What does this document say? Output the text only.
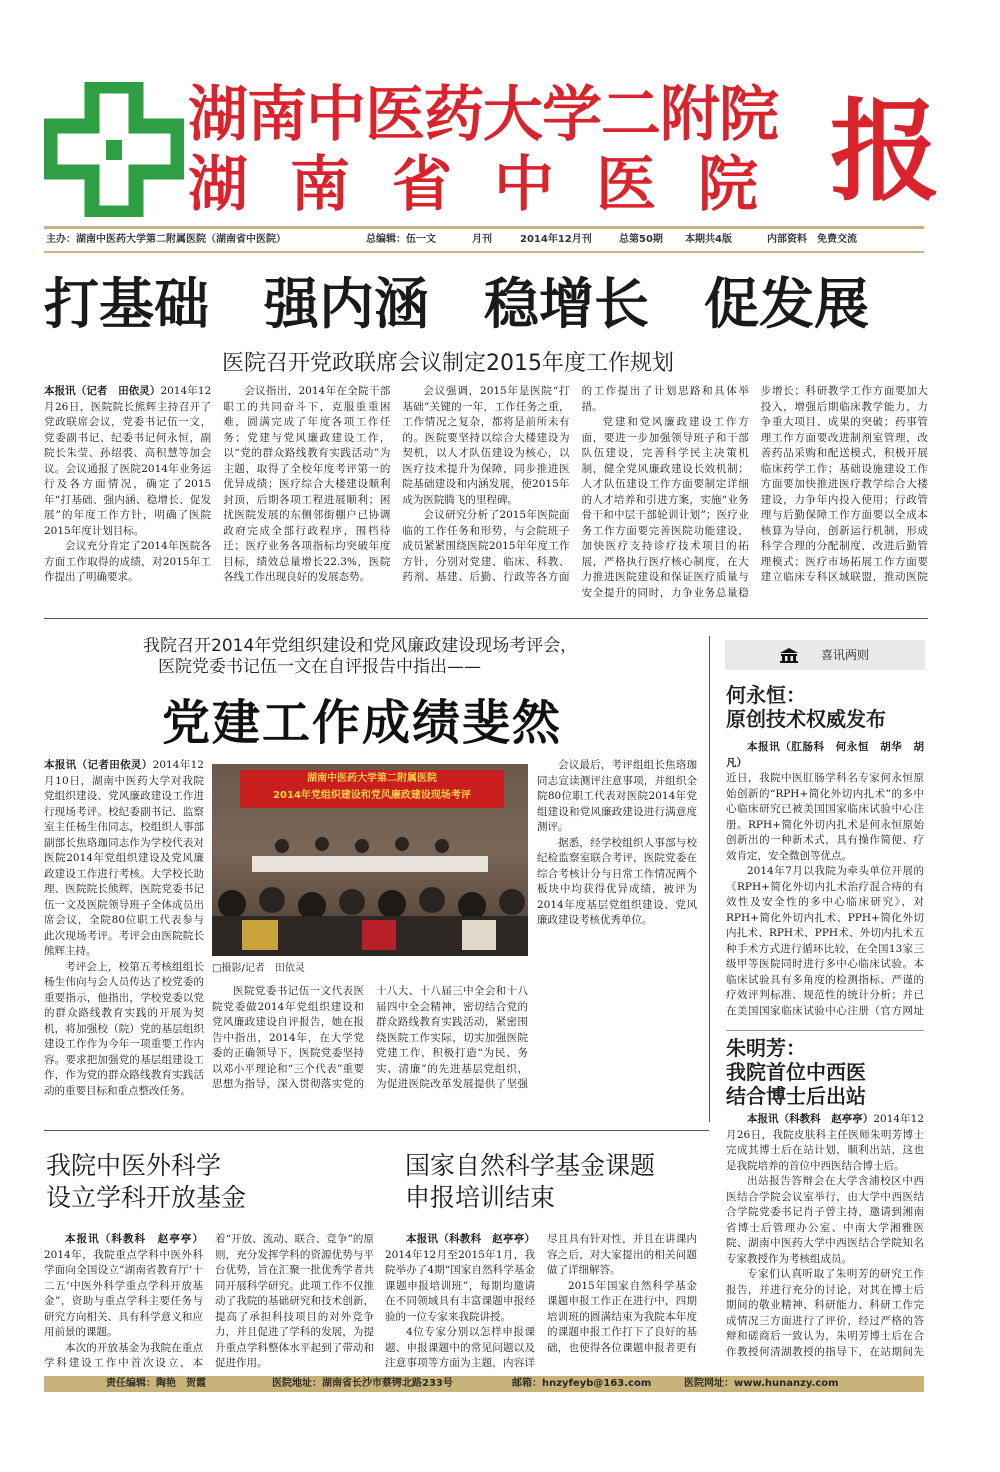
湖南中医药大学二附院
湖南省中医院 报
主办：湖南中医药大学第二附属医院（湖南省中医院）	总编辑：伍一文	月刊	2014年12月刊	总第50期 本期共4版	内部资料　免费交流
打基础　强内涵　稳增长　促发展
医院召开党政联席会议制定2015年度工作规划

本报讯（记者　田依灵）2014年12月26日，医院院长熊辉主持召开了党政联席会议，党委书记伍一文，党委副书记、纪委书记何永恒，副院长朱莹、孙绍裘、高积慧等加会议。会议通报了医院2014年业务运行及各方面情况，确定了2015年“打基础、强内涵、稳增长、促发展”的年度工作方针，明确了医院2015年度计划目标。

会议充分肯定了2014年医院各方面工作取得的成绩，对2015年工作提出了明确要求。

会议指出，2014年在全院干部职工的共同奋斗下，克服重重困难，圆满完成了年度各项工作任务；党建与党风廉政建设工作，以“党的群众路线教育实践活动”为主题，取得了全校年度考评第一的优异成绩；医疗综合大楼建设顺利封顶，后期各项工程进展顺利；困扰医院发展的东侧邻街棚户已协调政府完成全部行政程序，围档待迁；医疗业务各项指标均突破年度目标，绩效总量增长22.3%，医院各线工作出现良好的发展态势。

会议强调，2015年是医院“打基础”关键的一年，工作任务之重，工作情况之复杂，都将是前所未有的。医院要坚持以综合大楼建设为契机，以人才队伍建设为核心，以医疗技术提升为保障，同步推进医院基础建设和内涵发展，使2015年成为医院腾飞的里程碑。

会议研究分析了2015年医院面临的工作任务和形势，与会院班子成员紧紧围绕医院2015年年度工作方针，分别对党建、临床、科教、药剂、基建、后勤、行政等各方面的工作提出了计划思路和具体举措。

党建和党风廉政建设工作方面，要进一步加强领导班子和干部队伍建设，完善科学民主决策机制，健全党风廉政建设长效机制；人才队伍建设工作方面要制定详细的人才培养和引进方案，实施“业务骨干和中层干部轮训计划”；医疗业务工作方面要完善医院功能建设，加快医疗支持诊疗技术项目的拓展，严格执行医疗核心制度，在大力推进医院建设和保证医疗质量与安全提升的同时，力争业务总量稳步增长；科研教学工作方面要加大投入，增强后期临床教学能力，力争重大项目、成果的突破；药事管理工作方面要改进制剂室管理，改善药品采购和配送模式，积极开展临床药学工作；基础设施建设工作方面要加快推进医疗教学综合大楼建设，力争年内投入使用；行政管理与后勤保障工作方面要以全成本核算为导向，创新运行机制，形成科学合理的分配制度，改进后勤管理模式；医疗市场拓展工作方面要建立临床专科区域联盟，推动医院

我院召开2014年党组织建设和党风廉政建设现场考评会，
医院党委书记伍一文在自评报告中指出——
党建工作成绩斐然

本报讯（记者田依灵）2014年12月10日，湖南中医药大学对我院党组织建设、党风廉政建设工作进行现场考评。校纪委副书记、监察室主任杨生伟同志，校组织人事部副部长焦珞珈同志作为学校代表对医院2014年党组织建设及党风廉政建设工作进行考核。大学校长助理、医院院长熊辉，医院党委书记伍一文及医院领导班子全体成员出席会议，全院80位职工代表参与此次现场考评。考评会由医院院长熊辉主持。

考评会上，校第五考核组组长杨生伟向与会人员传达了校党委的重要指示，他指出，学校党委以党的群众路线教育实践的开展为契机，将加强校（院）党的基层组织建设工作作为今年一项重要工作内容。要求把加强党的基层组建设工作，作为党的群众路线教育实践活动的重要目标和重点整改任务。

湖南中医药大学第二附属医院
2014年党组织建设和党风廉政建设现场考评
□摄影/记者　田依灵

医院党委书记伍一文代表医院党委做2014年党组织建设和党风廉政建设自评报告，她在报告中指出，2014年，在大学党委的正确领导下，医院党委坚持以邓小平理论和“三个代表”重要思想为指导，深入贯彻落实党的十八大、十八届三中全会和十八届四中全会精神，密切结合党的群众路线教育实践活动，紧密围绕医院工作实际，切实加强医院党建工作，积极打造“为民、务实、清廉”的先进基层党组织，为促进医院改革发展提供了坚强

会议最后，考评组组长焦珞珈同志宣读测评注意事项，并组织全院80位职工代表对医院2014年党组建设和党风廉政建设进行满意度测评。

据悉，经学校组织人事部与校纪检监察室联合考评，医院党委在综合考核计分与日常工作情况两个板块中均获得优异成绩，被评为2014年度基层党组织建设、党风廉政建设考核优秀单位。

喜讯两则
何永恒：
原创技术权威发布

本报讯（肛肠科　何永恒　胡华　胡凡）

近日，我院中医肛肠学科名专家何永恒原始创新的“RPH+简化外切内扎术”的多中心临床研究已被美国国家临床试验中心注册。RPH+简化外切内扎术是何永恒原始创新出的一种新术式，具有操作简便、疗效肯定，安全微创等优点。

2014年7月以我院为牵头单位开展的《RPH+简化外切内扎术治疗混合痔的有效性及安全性的多中心临床研究》，对RPH+简化外切内扎术、PPH+简化外切内扎术、RPH术、PPH术、外切内扎术五种手术方式进行循环比较，在全国13家三级甲等医院同时进行多中心临床试验。本临床试验具有多角度的检测指标、严谨的疗效评判标准、规范性的统计分析；并已在美国国家临床试验中心注册（官方网址

朱明芳：
我院首位中西医
结合博士后出站

本报讯（科教科　赵亭亭）2014年12月26日，我院皮肤科主任医师朱明芳博士完成其博士后在站计划，顺利出站，这也是我院培养的首位中西医结合博士后。

出站报告答辩会在大学含浦校区中西医结合学院会议室举行，由大学中西医结合学院党委书记肖子曾主持，邀请到湘南省博士后管理办公室、中南大学湘雅医院、湖南中医药大学中西医结合学院知名专家教授作为考核组成员。

专家们认真听取了朱明芳的研究工作报告，并进行充分的讨论，对其在博士后期间的敬业精神、科研能力、科研工作完成情况三方面进行了评价，经过严格的答辩和磋商后一致认为，朱明芳博士后在合作教授何清湖教授的指导下，在站期间先

我院中医外科学
设立学科开放基金

本报讯（科教科　赵亭亭）2014年，我院重点学科中医外科学面向全国设立“湖南省教育厅‘十二五’中医外科学重点学科开放基金”，资助与重点学科主要任务与研究方向相关、具有科学意义和应用前景的课题。

本次的开放基金为我院在重点学科建设工作中首次设立，本着“开放、流动、联合、竞争”的原则，充分发挥学科的资源优势与平台优势，旨在汇聚一批优秀学者共同开展科学研究。此项工作不仅推动了我院的基础研究和技术创新，提高了承担科技项目的对外竞争力，并且促进了学科的发展，为提升重点学科整体水平起到了带动和促进作用。

国家自然科学基金课题
申报培训结束

本报讯（科教科　赵亭亭）2014年12月至2015年1月，我院举办了4期“国家自然科学基金课题申报培训班”，每期均邀请在不同领域具有丰富课题申报经验的一位专家来我院讲授。

4位专家分别以怎样申报课题、申报课题中的常见问题以及注意事项等方面为主题，内容详尽且具有针对性，并且在讲课内容之后，对大家提出的相关问题做了详细解答。

2015年国家自然科学基金课题申报工作正在进行中，四期培训班的圆满结束为我院本年度的课题申报工作打下了良好的基础，也使得各位课题申报者更有

责任编辑：陶艳　贺霞	医院地址：湖南省长沙市蔡锷北路233号	邮箱：hnzyfeyb@163.com	医院网址：www.hunanzy.com
